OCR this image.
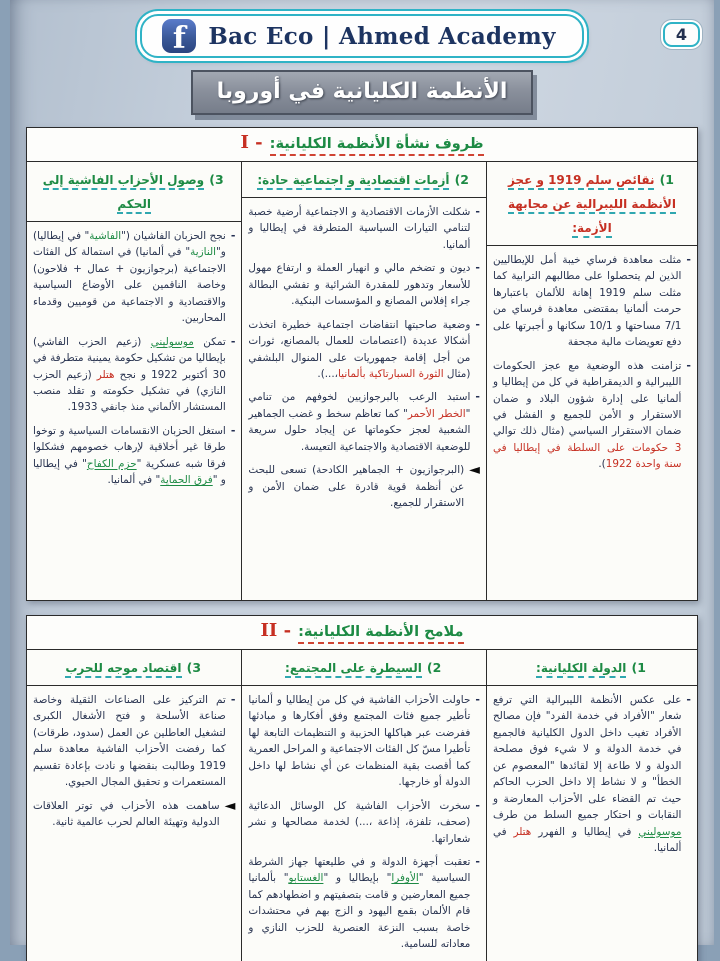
f Bac Eco | Ahmed Academy	4
الأنظمة الكليانية في أوروبا
I - ظروف نشأة الأنظمة الكليانية:
1) نقائص سلم 1919 و عجز الأنظمة الليبرالية عن مجابهة الأزمة:
-
مثلت معاهدة فرساي خيبة أمل للإيطاليين الذين لم يتحصلوا على مطالبهم الترابية كما مثلت سلم 1919 إهانة للألمان باعتبارها حرمت ألمانيا بمقتضى معاهدة فرساي من 7/1 مساحتها و 10/1 سكانها و أجبرتها على دفع تعويضات مالية مجحفة
-
تزامنت هذه الوضعية مع عجز الحكومات الليبرالية و الديمقراطية في كل من إيطاليا و ألمانيا على إدارة شؤون البلاد و ضمان الاستقرار و الأمن للجميع و الفشل في ضمان الاستقرار السياسي (مثال ذلك توالي 3 حكومات على السلطة في إيطاليا في سنة واحدة 1922).
2) أزمات اقتصادية و اجتماعية حادة:
-
شكلت الأزمات الاقتصادية و الاجتماعية أرضية خصبة لتنامي التيارات السياسية المتطرفة في إيطاليا و ألمانيا.
-
ديون و تضخم مالي و انهيار العملة و ارتفاع مهول للأسعار وتدهور للمقدرة الشرائية و تفشي البطالة جراء إفلاس المصانع و المؤسسات البنكية.
-
وضعية صاحبتها انتفاضات اجتماعية خطيرة اتخذت أشكالا عديدة (اعتصامات للعمال بالمصانع، ثورات من أجل إقامة جمهوريات على المنوال البلشفي (مثال الثورة السبارتاكية بألمانيا،...).
-
استبد الرعب بالبرجوازيين لخوفهم من تنامي "الخطر الأحمر" كما تعاظم سخط و غضب الجماهير الشعبية لعجز حكوماتها عن إيجاد حلول سريعة للوضعية الاقتصادية والاجتماعية التعيسة.
◄
(البرجوازيون + الجماهير الكادحة) تسعى للبحث عن أنظمة قوية قادرة على ضمان الأمن و الاستقرار للجميع.
3) وصول الأحزاب الفاشية إلى الحكم
-
نجح الحزبان الفاشيان ("الفاشية" في إيطاليا) و"النازية" في ألمانيا) في استمالة كل الفئات الاجتماعية (برجوازيون + عمال + فلاحون) وخاصة الناقمين على الأوضاع السياسية والاقتصادية و الاجتماعية من قوميين وقدماء المحاربين.
-
تمكن موسوليني (زعيم الحزب الفاشي) بإيطاليا من تشكيل حكومة يمينية متطرفة في 30 أكتوبر 1922 و نجح هتلر (زعيم الحزب النازي) في تشكيل حكومته و تقلد منصب المستشار الألماني منذ جانفي 1933.
-
استغل الحزبان الانقسامات السياسية و توخوا طرقا غير أخلاقية لإرهاب خصومهم فشكلوا فرقا شبه عسكرية "حزم الكفاح" في إيطاليا و "فرق الحماية" في ألمانيا.
II - ملامح الأنظمة الكليانية:
1) الدولة الكليانية:
-
على عكس الأنظمة الليبرالية التي ترفع شعار "الأفراد في خدمة الفرد" فإن مصالح الأفراد تغيب داخل الدول الكليانية فالجميع في خدمة الدولة و لا شيء فوق مصلحة الدولة و لا طاعة إلا لقائدها "المعصوم عن الخطأ" و لا نشاط إلا داخل الحزب الحاكم حيث تم القضاء على الأحزاب المعارضة و النقابات و احتكار جميع السلط من طرف موسوليني في إيطاليا و الفهرر هتلر في ألمانيا.
2) السيطرة على المجتمع:
-
حاولت الأحزاب الفاشية في كل من إيطاليا و ألمانيا تأطير جميع فئات المجتمع وفق أفكارها و مبادئها ففرضت عبر هياكلها الحزبية و التنظيمات التابعة لها تأطيرا مسّ كل الفئات الاجتماعية و المراحل العمرية كما أقصت بقية المنظمات عن أي نشاط لها داخل الدولة أو خارجها.
-
سخرت الأحزاب الفاشية كل الوسائل الدعائية (صحف، تلفزة، إذاعة ،...) لخدمة مصالحها و نشر شعاراتها.
-
تعقبت أجهزة الدولة و في طليعتها جهاز الشرطة السياسية "الأوفرا" بإيطاليا و "الغستابو" بألمانيا جميع المعارضين و قامت بتصفيتهم و اضطهادهم كما قام الألمان بقمع اليهود و الزج بهم في محتشدات خاصة بسبب النزعة العنصرية للحزب النازي و معاداته للسامية.
3) اقتصاد موجه للحرب
-
تم التركيز على الصناعات الثقيلة وخاصة صناعة الأسلحة و فتح الأشغال الكبرى لتشغيل العاطلين عن العمل (سدود، طرقات) كما رفضت الأحزاب الفاشية معاهدة سلم 1919 وطالبت بنقضها و نادت بإعادة تقسيم المستعمرات و تحقيق المجال الحيوي.
◄
ساهمت هذه الأحزاب في توتر العلاقات الدولية وتهيئة العالم لحرب عالمية ثانية.
